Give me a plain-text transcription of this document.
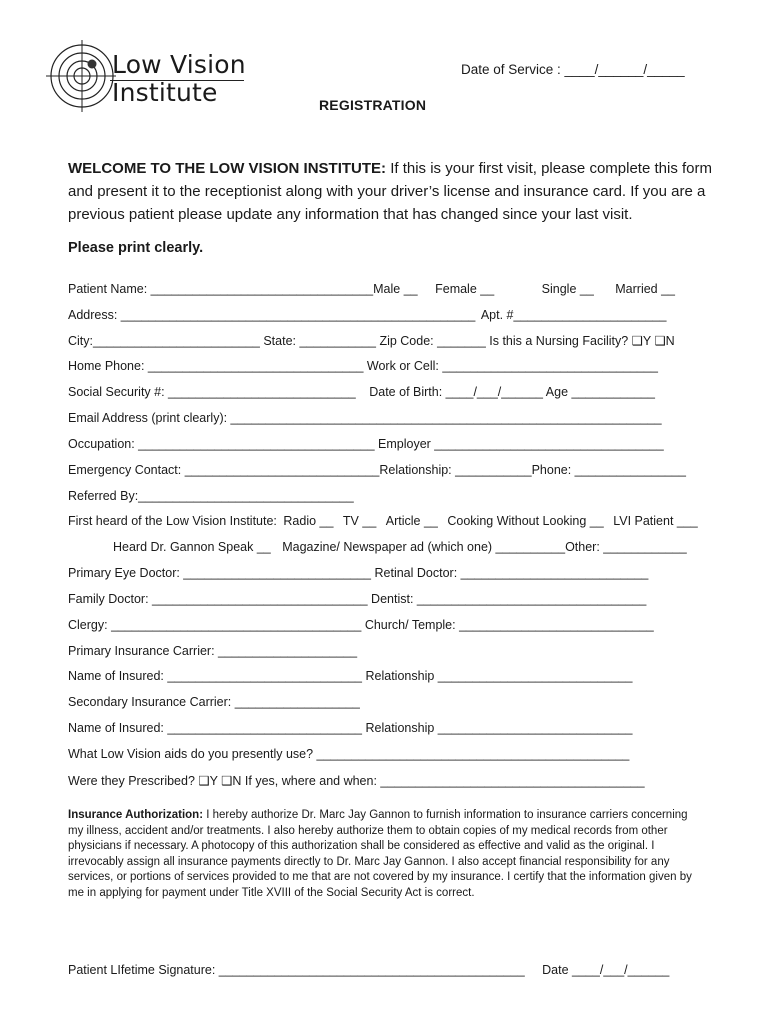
Low Vision
Institute
Date of Service : ____/______/_____
REGISTRATION
WELCOME TO THE LOW VISION INSTITUTE: If this is your first visit, please complete this form and present it to the receptionist along with your driver’s license and insurance card. If you are a previous patient please update any information that has changed since your last visit.
Please print clearly.
Patient Name: ________________________________Male __ Female __	Single __ Married __
Address: ___________________________________________________ Apt. #______________________
City:________________________ State: ___________ Zip Code: _______ Is this a Nursing Facility? ❑Y ❑N
Home Phone: _______________________________ Work or Cell: _______________________________
Social Security #: ___________________________ Date of Birth: ____/___/______ Age ____________
Email Address (print clearly): ______________________________________________________________
Occupation: __________________________________ Employer _________________________________
Emergency Contact: ____________________________Relationship: ___________Phone: ________________
Referred By:_______________________________
First heard of the Low Vision Institute: Radio __ TV __ Article __ Cooking Without Looking __ LVI Patient ___
Heard Dr. Gannon Speak __ Magazine/ Newspaper ad (which one) __________Other: ____________
Primary Eye Doctor: ___________________________ Retinal Doctor: ___________________________
Family Doctor: _______________________________ Dentist: _________________________________
Clergy: ____________________________________ Church/ Temple: ____________________________
Primary Insurance Carrier: ____________________
Name of Insured: ____________________________ Relationship ____________________________
Secondary Insurance Carrier: __________________
Name of Insured: ____________________________ Relationship ____________________________
What Low Vision aids do you presently use? _____________________________________________
Were they Prescribed? ❑Y ❑N If yes, where and when: ______________________________________
Insurance Authorization: I hereby authorize Dr. Marc Jay Gannon to furnish information to insurance carriers concerning my illness, accident and/or treatments. I also hereby authorize them to obtain copies of my medical records from other physicians if necessary. A photocopy of this authorization shall be considered as effective and valid as the original. I irrevocably assign all insurance payments directly to Dr. Marc Jay Gannon. I also accept financial responsibility for any services, or portions of services provided to me that are not covered by my insurance. I certify that the information given by me in applying for payment under Title XVIII of the Social Security Act is correct.
Patient LIfetime Signature: ____________________________________________ Date ____/___/______
